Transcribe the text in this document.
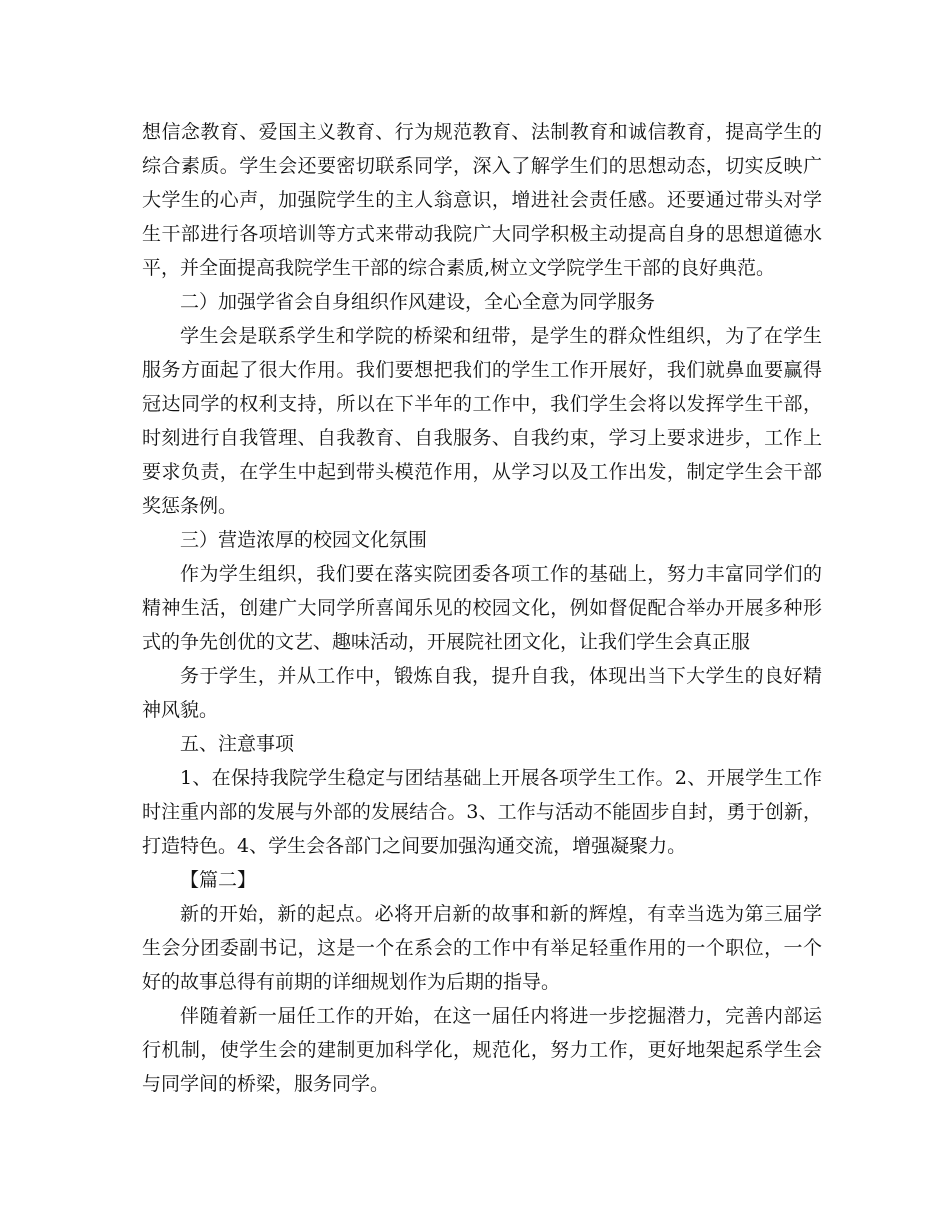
想信念教育、爱国主义教育、行为规范教育、法制教育和诚信教育，提高学生的综合素质。学生会还要密切联系同学，深入了解学生们的思想动态，切实反映广大学生的心声，加强院学生的主人翁意识，增进社会责任感。还要通过带头对学生干部进行各项培训等方式来带动我院广大同学积极主动提高自身的思想道德水平，并全面提高我院学生干部的综合素质,树立文学院学生干部的良好典范。

二）加强学省会自身组织作风建设，全心全意为同学服务

学生会是联系学生和学院的桥梁和纽带，是学生的群众性组织，为了在学生服务方面起了很大作用。我们要想把我们的学生工作开展好，我们就鼻血要赢得冠达同学的权利支持，所以在下半年的工作中，我们学生会将以发挥学生干部，时刻进行自我管理、自我教育、自我服务、自我约束，学习上要求进步，工作上要求负责，在学生中起到带头模范作用，从学习以及工作出发，制定学生会干部奖惩条例。

三）营造浓厚的校园文化氛围

作为学生组织，我们要在落实院团委各项工作的基础上，努力丰富同学们的精神生活，创建广大同学所喜闻乐见的校园文化，例如督促配合举办开展多种形式的争先创优的文艺、趣味活动，开展院社团文化，让我们学生会真正服

务于学生，并从工作中，锻炼自我，提升自我，体现出当下大学生的良好精神风貌。

五、注意事项

1、在保持我院学生稳定与团结基础上开展各项学生工作。2、开展学生工作时注重内部的发展与外部的发展结合。3、工作与活动不能固步自封，勇于创新，打造特色。4、学生会各部门之间要加强沟通交流，增强凝聚力。

【篇二】

新的开始，新的起点。必将开启新的故事和新的辉煌，有幸当选为第三届学生会分团委副书记，这是一个在系会的工作中有举足轻重作用的一个职位，一个好的故事总得有前期的详细规划作为后期的指导。

伴随着新一届任工作的开始，在这一届任内将进一步挖掘潜力，完善内部运行机制，使学生会的建制更加科学化，规范化，努力工作，更好地架起系学生会与同学间的桥梁，服务同学。
